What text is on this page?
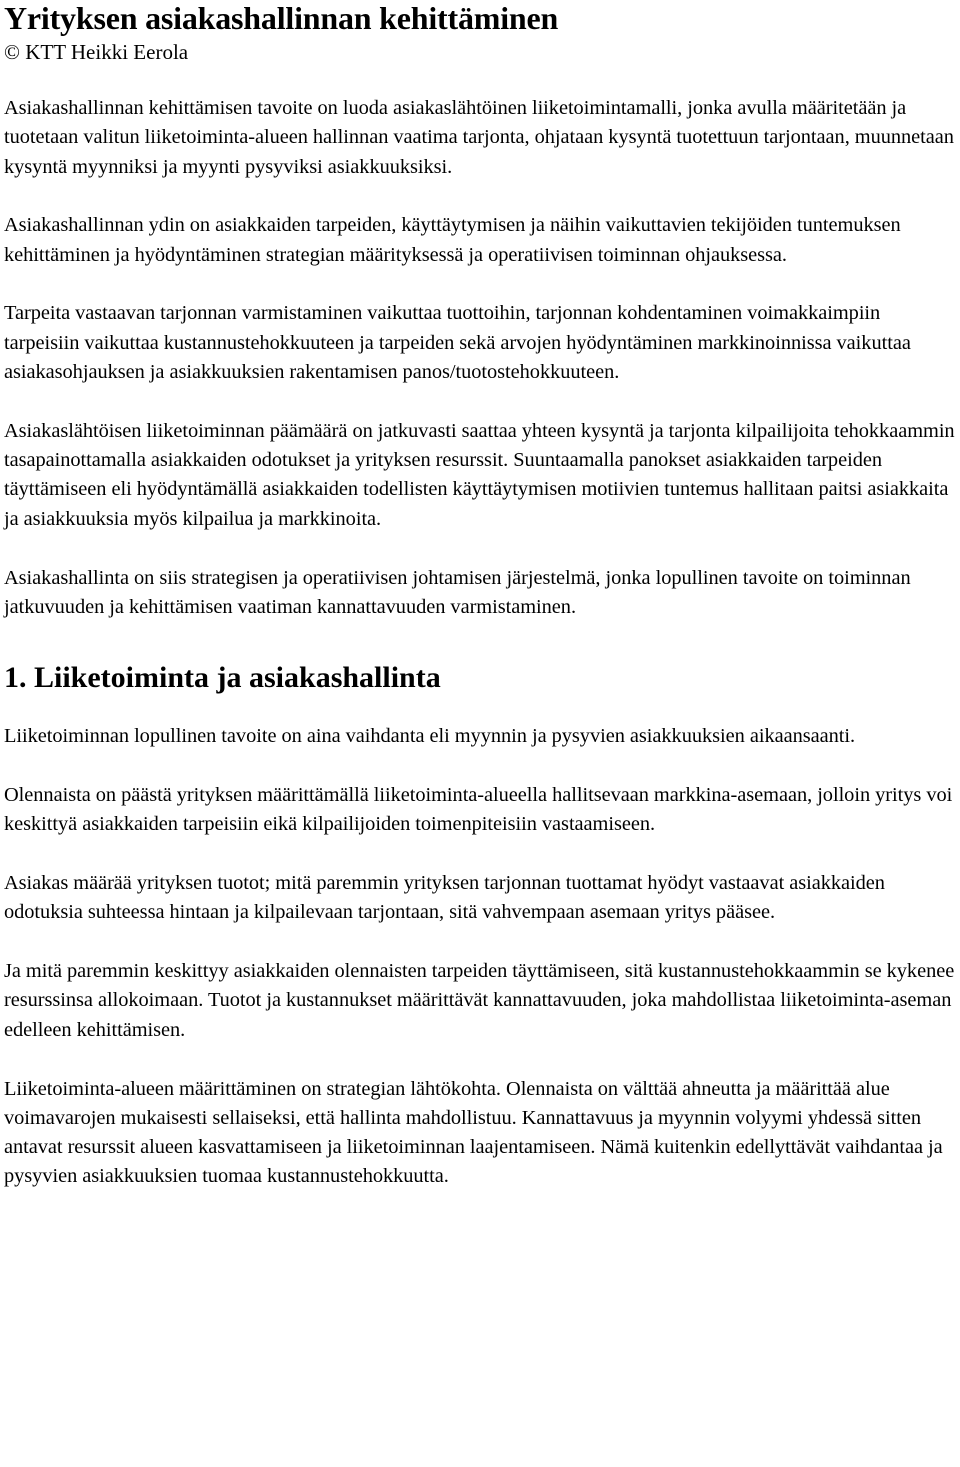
Yrityksen asiakashallinnan kehittäminen
© KTT Heikki Eerola

Asiakashallinnan kehittämisen tavoite on luoda asiakaslähtöinen liiketoimintamalli, jonka avulla määritetään ja tuotetaan valitun liiketoiminta-alueen hallinnan vaatima tarjonta, ohjataan kysyntä tuotettuun tarjontaan, muunnetaan kysyntä myynniksi ja myynti pysyviksi asiakkuuksiksi.

Asiakashallinnan ydin on asiakkaiden tarpeiden, käyttäytymisen ja näihin vaikuttavien tekijöiden tuntemuksen kehittäminen ja hyödyntäminen strategian määrityksessä ja operatiivisen toiminnan ohjauksessa.

Tarpeita vastaavan tarjonnan varmistaminen vaikuttaa tuottoihin, tarjonnan kohdentaminen voimakkaimpiin tarpeisiin vaikuttaa kustannustehokkuuteen ja tarpeiden sekä arvojen hyödyntäminen markkinoinnissa vaikuttaa asiakasohjauksen ja asiakkuuksien rakentamisen panos/tuotostehokkuuteen.

Asiakaslähtöisen liiketoiminnan päämäärä on jatkuvasti saattaa yhteen kysyntä ja tarjonta kilpailijoita tehokkaammin tasapainottamalla asiakkaiden odotukset ja yrityksen resurssit. Suuntaamalla panokset asiakkaiden tarpeiden täyttämiseen eli hyödyntämällä asiakkaiden todellisten käyttäytymisen motiivien tuntemus hallitaan paitsi asiakkaita ja asiakkuuksia myös kilpailua ja markkinoita.

Asiakashallinta on siis strategisen ja operatiivisen johtamisen järjestelmä, jonka lopullinen tavoite on toiminnan jatkuvuuden ja kehittämisen vaatiman kannattavuuden varmistaminen.

1. Liiketoiminta ja asiakashallinta

Liiketoiminnan lopullinen tavoite on aina vaihdanta eli myynnin ja pysyvien asiakkuuksien aikaansaanti.

Olennaista on päästä yrityksen määrittämällä liiketoiminta-alueella hallitsevaan markkina-asemaan, jolloin yritys voi keskittyä asiakkaiden tarpeisiin eikä kilpailijoiden toimenpiteisiin vastaamiseen.

Asiakas määrää yrityksen tuotot; mitä paremmin yrityksen tarjonnan tuottamat hyödyt vastaavat asiakkaiden odotuksia suhteessa hintaan ja kilpailevaan tarjontaan, sitä vahvempaan asemaan yritys pääsee.

Ja mitä paremmin keskittyy asiakkaiden olennaisten tarpeiden täyttämiseen, sitä kustannustehokkaammin se kykenee resurssinsa allokoimaan. Tuotot ja kustannukset määrittävät kannattavuuden, joka mahdollistaa liiketoiminta-aseman edelleen kehittämisen.

Liiketoiminta-alueen määrittäminen on strategian lähtökohta. Olennaista on välttää ahneutta ja määrittää alue voimavarojen mukaisesti sellaiseksi, että hallinta mahdollistuu. Kannattavuus ja myynnin volyymi yhdessä sitten antavat resurssit alueen kasvattamiseen ja liiketoiminnan laajentamiseen. Nämä kuitenkin edellyttävät vaihdantaa ja pysyvien asiakkuuksien tuomaa kustannustehokkuutta.
